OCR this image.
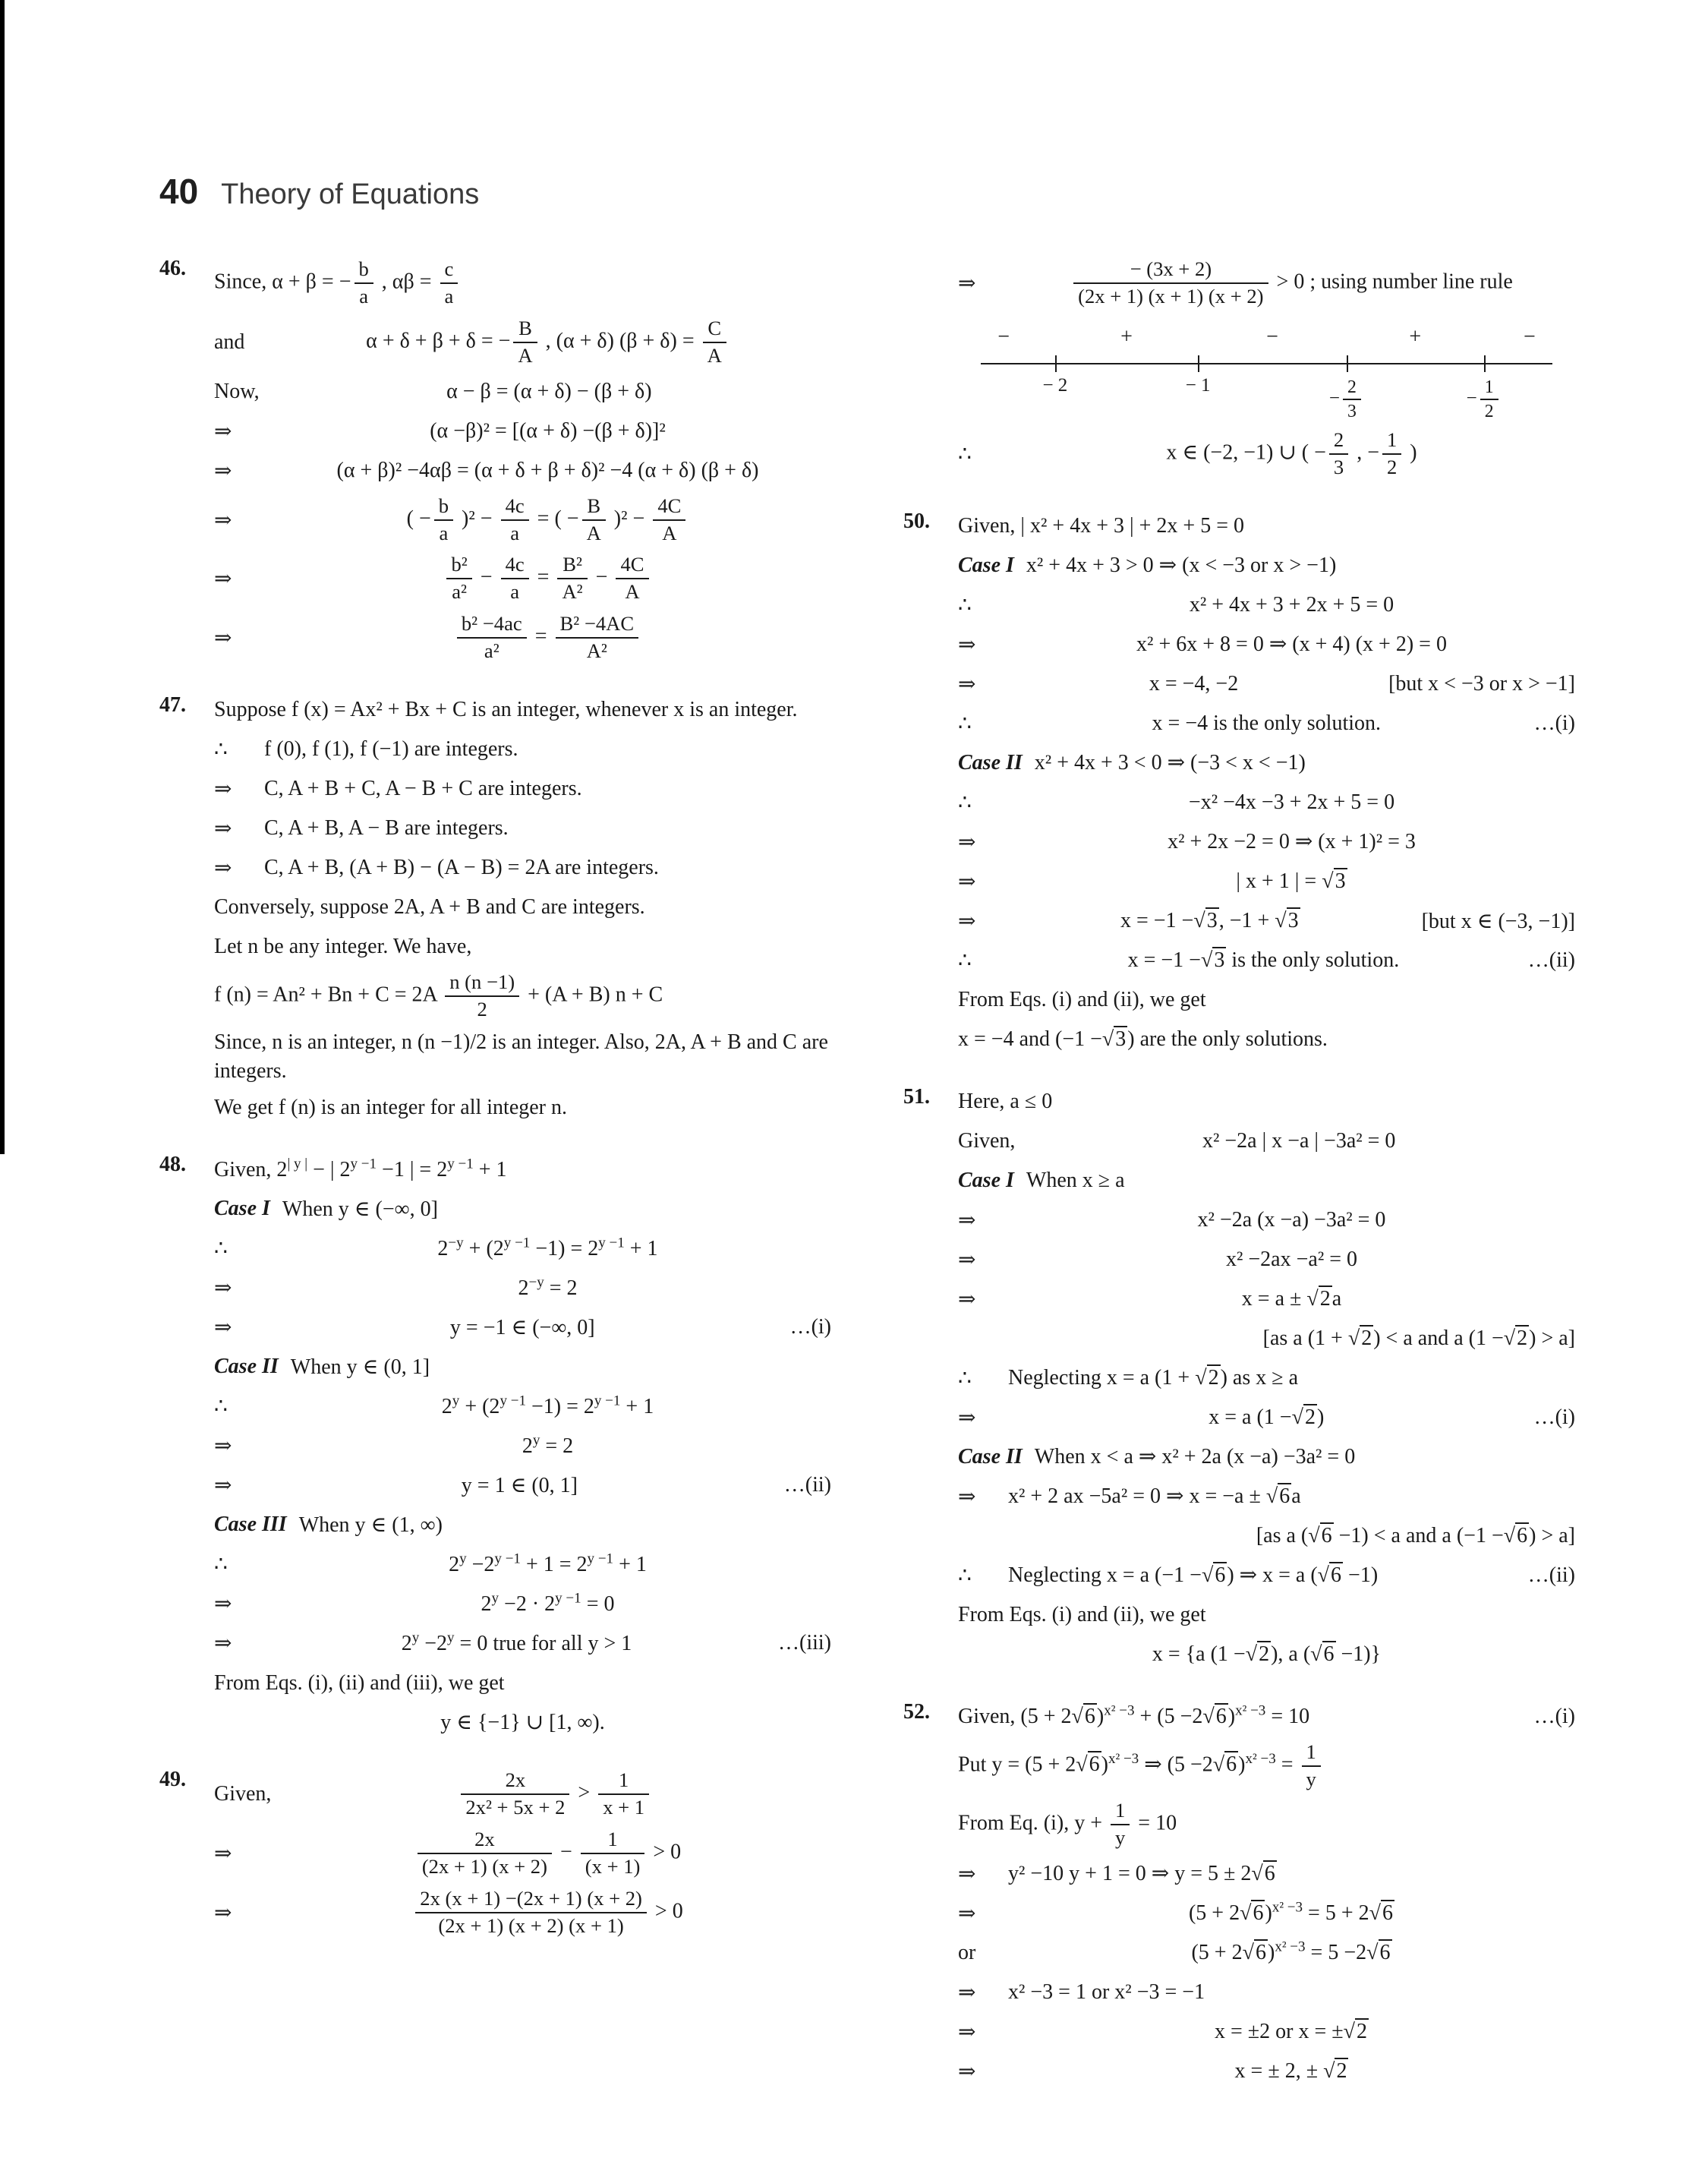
40 Theory of Equations
46.
Since, α + β = − $\frac{b}{a}$ , $\alpha\beta = \frac{c}{a}$
and	α + δ + β + δ = − $\frac{B}{A}$ , (α + δ) $(\beta + \delta) = \frac{C}{A}$
Now,	α − β = (α + δ) − (β + δ)
⇒	(α −β)² = [(α + δ) −(β + δ)]²
⇒	(α + β)² −4αβ = (α + δ + β + δ)² −4 (α + δ) (β + δ)
⇒	( − $\frac{b}{a} )^2 - \frac{4c}{a}$ = ( − $\frac{B}{A} )^2 - \frac{4C}{A}$
⇒	$\frac{\text{b²}}{\text{a²}} - \frac{4c}{a} = \frac{\text{B²}}{\text{A²}} - \frac{4C}{A}$
⇒	$\frac{\text{b² −4ac}}{\text{a²}} = \frac{\text{B² −4AC}}{\text{A²}}$
47.	Suppose f (x) = Ax² + Bx + C is an integer, whenever x is an integer.
∴	f (0), f (1), f (−1) are integers.
⇒	C, A + B + C, A − B + C are integers.
⇒	C, A + B, A − B are integers.
⇒	C, A + B, (A + B) − (A − B) = 2A are integers.
Conversely, suppose 2A, A + B and C are integers.
Let n be any integer. We have,
f $(n) = An^2 + Bn + C = 2A \frac{n (n -1)}{2} + (A + B) n + C$
Since, n is an integer, n (n −1)/2 is an integer. Also, 2A, A + B and C are integers.
We get f (n) is an integer for all integer n.
48.	Given, $2^{| y |}$ − | $2^{y -1} -1$ | = $2^{y -1} + 1$
Case I When y ∈ (−∞, 0]
∴	$2^{-y} + (2^{y -1} -1) = 2^{y -1} + 1$
⇒	$2^{-y} = 2$
⇒	y = −1 ∈ (−∞, 0]	…(i)
Case II When y ∈ (0, 1]
∴	$2^y + (2^{y -1} -1) = 2^{y -1} + 1$
⇒	$2^y = 2$
⇒	y = 1 ∈ (0, 1]	…(ii)
Case III When y ∈ (1, ∞)
∴	$2^y -2^{y -1} + 1 = 2^{y -1} + 1$
⇒	$2^y -2 \cdot 2^{y -1} = 0$
⇒	$2^y -2^y = 0$ true for all y > 1	…(iii)
From Eqs. (i), (ii) and (iii), we get
y ∈ {−1} ∪ [1, ∞).
49.
Given,	$\frac{2x}{\text{2x² + 5x + 2}} > \frac{1}{x + 1}$
⇒	$\frac{2x}{(2x + 1) (x + 2)} - \frac{1}{(x + 1)} > 0$
⇒	$\frac{2x (x + 1) -(2x + 1) (x + 2)}{(2x + 1) (x + 2) (x + 1)} > 0$
⇒	$\frac{- (3x + 2)}{(2x + 1) (x + 1) (x + 2)} > 0$ ; using number line rule
−	+	−	+	−
− 2	− 1
− $\frac{2}{3}$	− $\frac{1}{2}$
∴	x ∈ (−2, −1) ∪ ( − $\frac{2}{3}$ , − $\frac{1}{2}$ )
50.	Given, | x² + 4x + 3 | + 2x + 5 = 0
Case I x² + 4x + 3 > 0 ⇒ (x < −3 or x > −1)
∴	x² + 4x + 3 + 2x + 5 = 0
⇒	x² + 6x + 8 = 0 ⇒ (x + 4) (x + 2) = 0
⇒	x = −4, −2	[but x < −3 or x > −1]
∴	x = −4 is the only solution.	…(i)
Case II x² + 4x + 3 < 0 ⇒ (−3 < x < −1)
∴	−x² −4x −3 + 2x + 5 = 0
⇒	x² + 2x −2 = 0 ⇒ (x + 1)² = 3
⇒	| x + 1 | = √3
⇒	x = −1 −√3, −1 + √3	[but x ∈ (−3, −1)]
∴	x = −1 −√3 is the only solution.	…(ii)
From Eqs. (i) and (ii), we get
x = −4 and (−1 −√3) are the only solutions.
51.	Here, a ≤ 0
Given,	x² −2a | x −a | −3a² = 0
Case I When x ≥ a
⇒	x² −2a (x −a) −3a² = 0
⇒	x² −2ax −a² = 0
⇒	x = a ± √2a
[as a (1 + √2) < a and a (1 −√2) > a]
∴	Neglecting x = a (1 + √2) as x ≥ a
⇒	x = a (1 −√2)	…(i)
Case II When x < a ⇒ x² + 2a (x −a) −3a² = 0
⇒	x² + 2 ax −5a² = 0 ⇒ x = −a ± √6a
[as a (√6 −1) < a and a (−1 −√6) > a]
∴	Neglecting x = a (−1 −√6) ⇒ x = a (√6 −1)	…(ii)
From Eqs. (i) and (ii), we get
x = {a (1 −√2), a (√6 −1)}
52.	Given, $(5 + 2√6)^{x^2 -3} + (5 -2√6)^{x^2 -3} = 10$	…(i)
Put $y = (5 + 2√6)^{x^2 -3}$ ⇒ $(5 -2√6)^{x^2 -3} = \frac{1}{y}$
From Eq. (i), $y + \frac{1}{y} = 10$
⇒	y² −10 y + 1 = 0 ⇒ y = 5 ± 2√6
⇒	$(5 + 2√6)^{x^2 -3} = 5 + 2√6$
or	$(5 + 2√6)^{x^2 -3} = 5 -2√6$
⇒	x² −3 = 1 or x² −3 = −1
⇒	x = ±2 or x = ±√2
⇒	x = ± 2, ± √2
